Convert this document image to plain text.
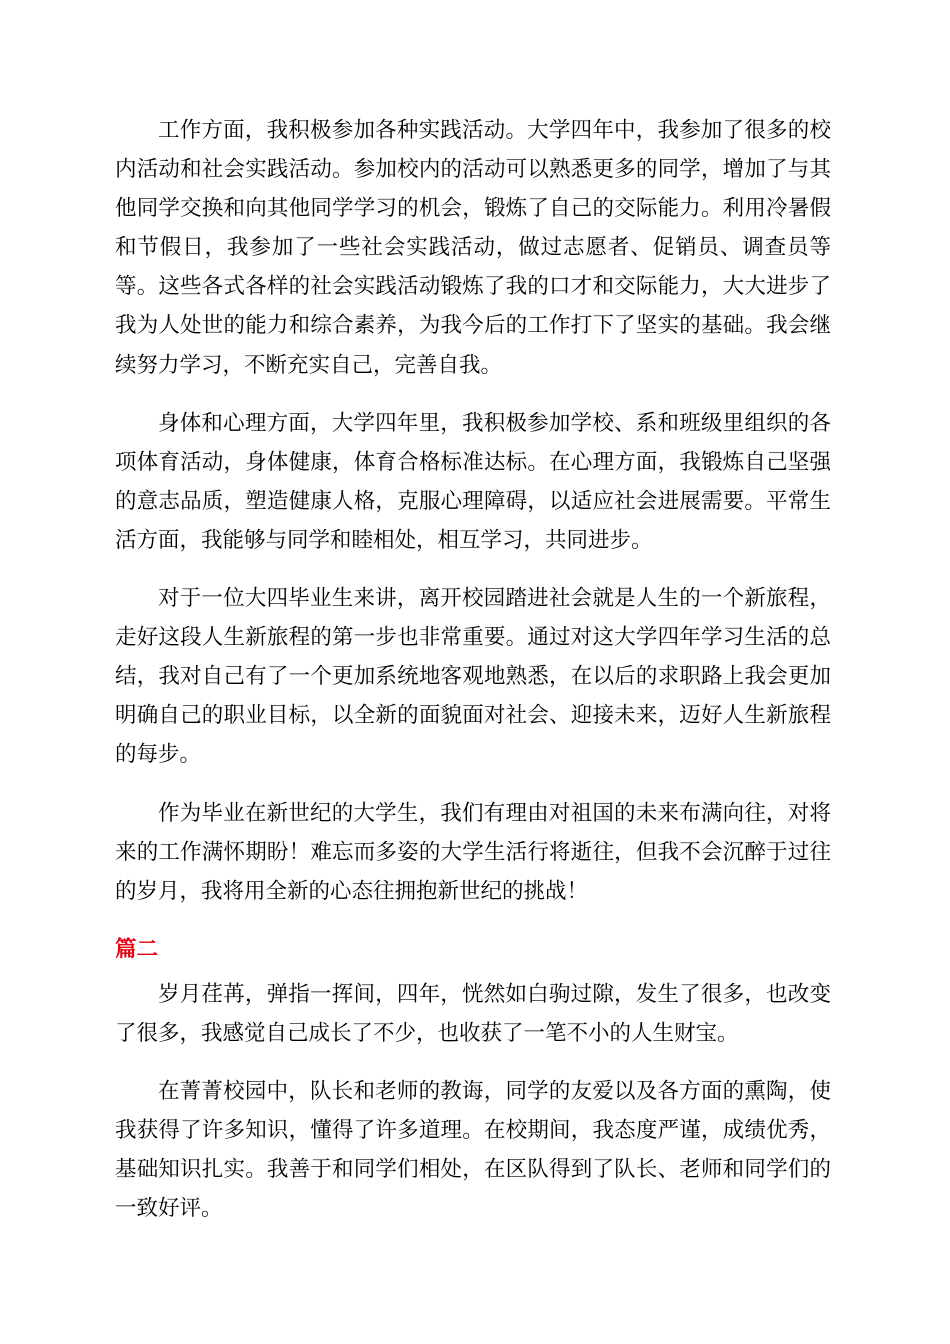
工作方面，我积极参加各种实践活动。大学四年中，我参加了很多的校内活动和社会实践活动。参加校内的活动可以熟悉更多的同学，增加了与其他同学交换和向其他同学学习的机会，锻炼了自己的交际能力。利用冷暑假和节假日，我参加了一些社会实践活动，做过志愿者、促销员、调查员等等。这些各式各样的社会实践活动锻炼了我的口才和交际能力，大大进步了我为人处世的能力和综合素养，为我今后的工作打下了坚实的基础。我会继续努力学习，不断充实自己，完善自我。

身体和心理方面，大学四年里，我积极参加学校、系和班级里组织的各项体育活动，身体健康，体育合格标准达标。在心理方面，我锻炼自己坚强的意志品质，塑造健康人格，克服心理障碍，以适应社会进展需要。平常生活方面，我能够与同学和睦相处，相互学习，共同进步。

对于一位大四毕业生来讲，离开校园踏进社会就是人生的一个新旅程，走好这段人生新旅程的第一步也非常重要。通过对这大学四年学习生活的总结，我对自己有了一个更加系统地客观地熟悉，在以后的求职路上我会更加明确自己的职业目标，以全新的面貌面对社会、迎接未来，迈好人生新旅程的每步。

作为毕业在新世纪的大学生，我们有理由对祖国的未来布满向往，对将来的工作满怀期盼！难忘而多姿的大学生活行将逝往，但我不会沉醉于过往的岁月，我将用全新的心态往拥抱新世纪的挑战！

篇二

岁月荏苒，弹指一挥间，四年，恍然如白驹过隙，发生了很多，也改变了很多，我感觉自己成长了不少，也收获了一笔不小的人生财宝。

在菁菁校园中，队长和老师的教诲，同学的友爱以及各方面的熏陶，使我获得了许多知识，懂得了许多道理。在校期间，我态度严谨，成绩优秀，基础知识扎实。我善于和同学们相处，在区队得到了队长、老师和同学们的一致好评。
